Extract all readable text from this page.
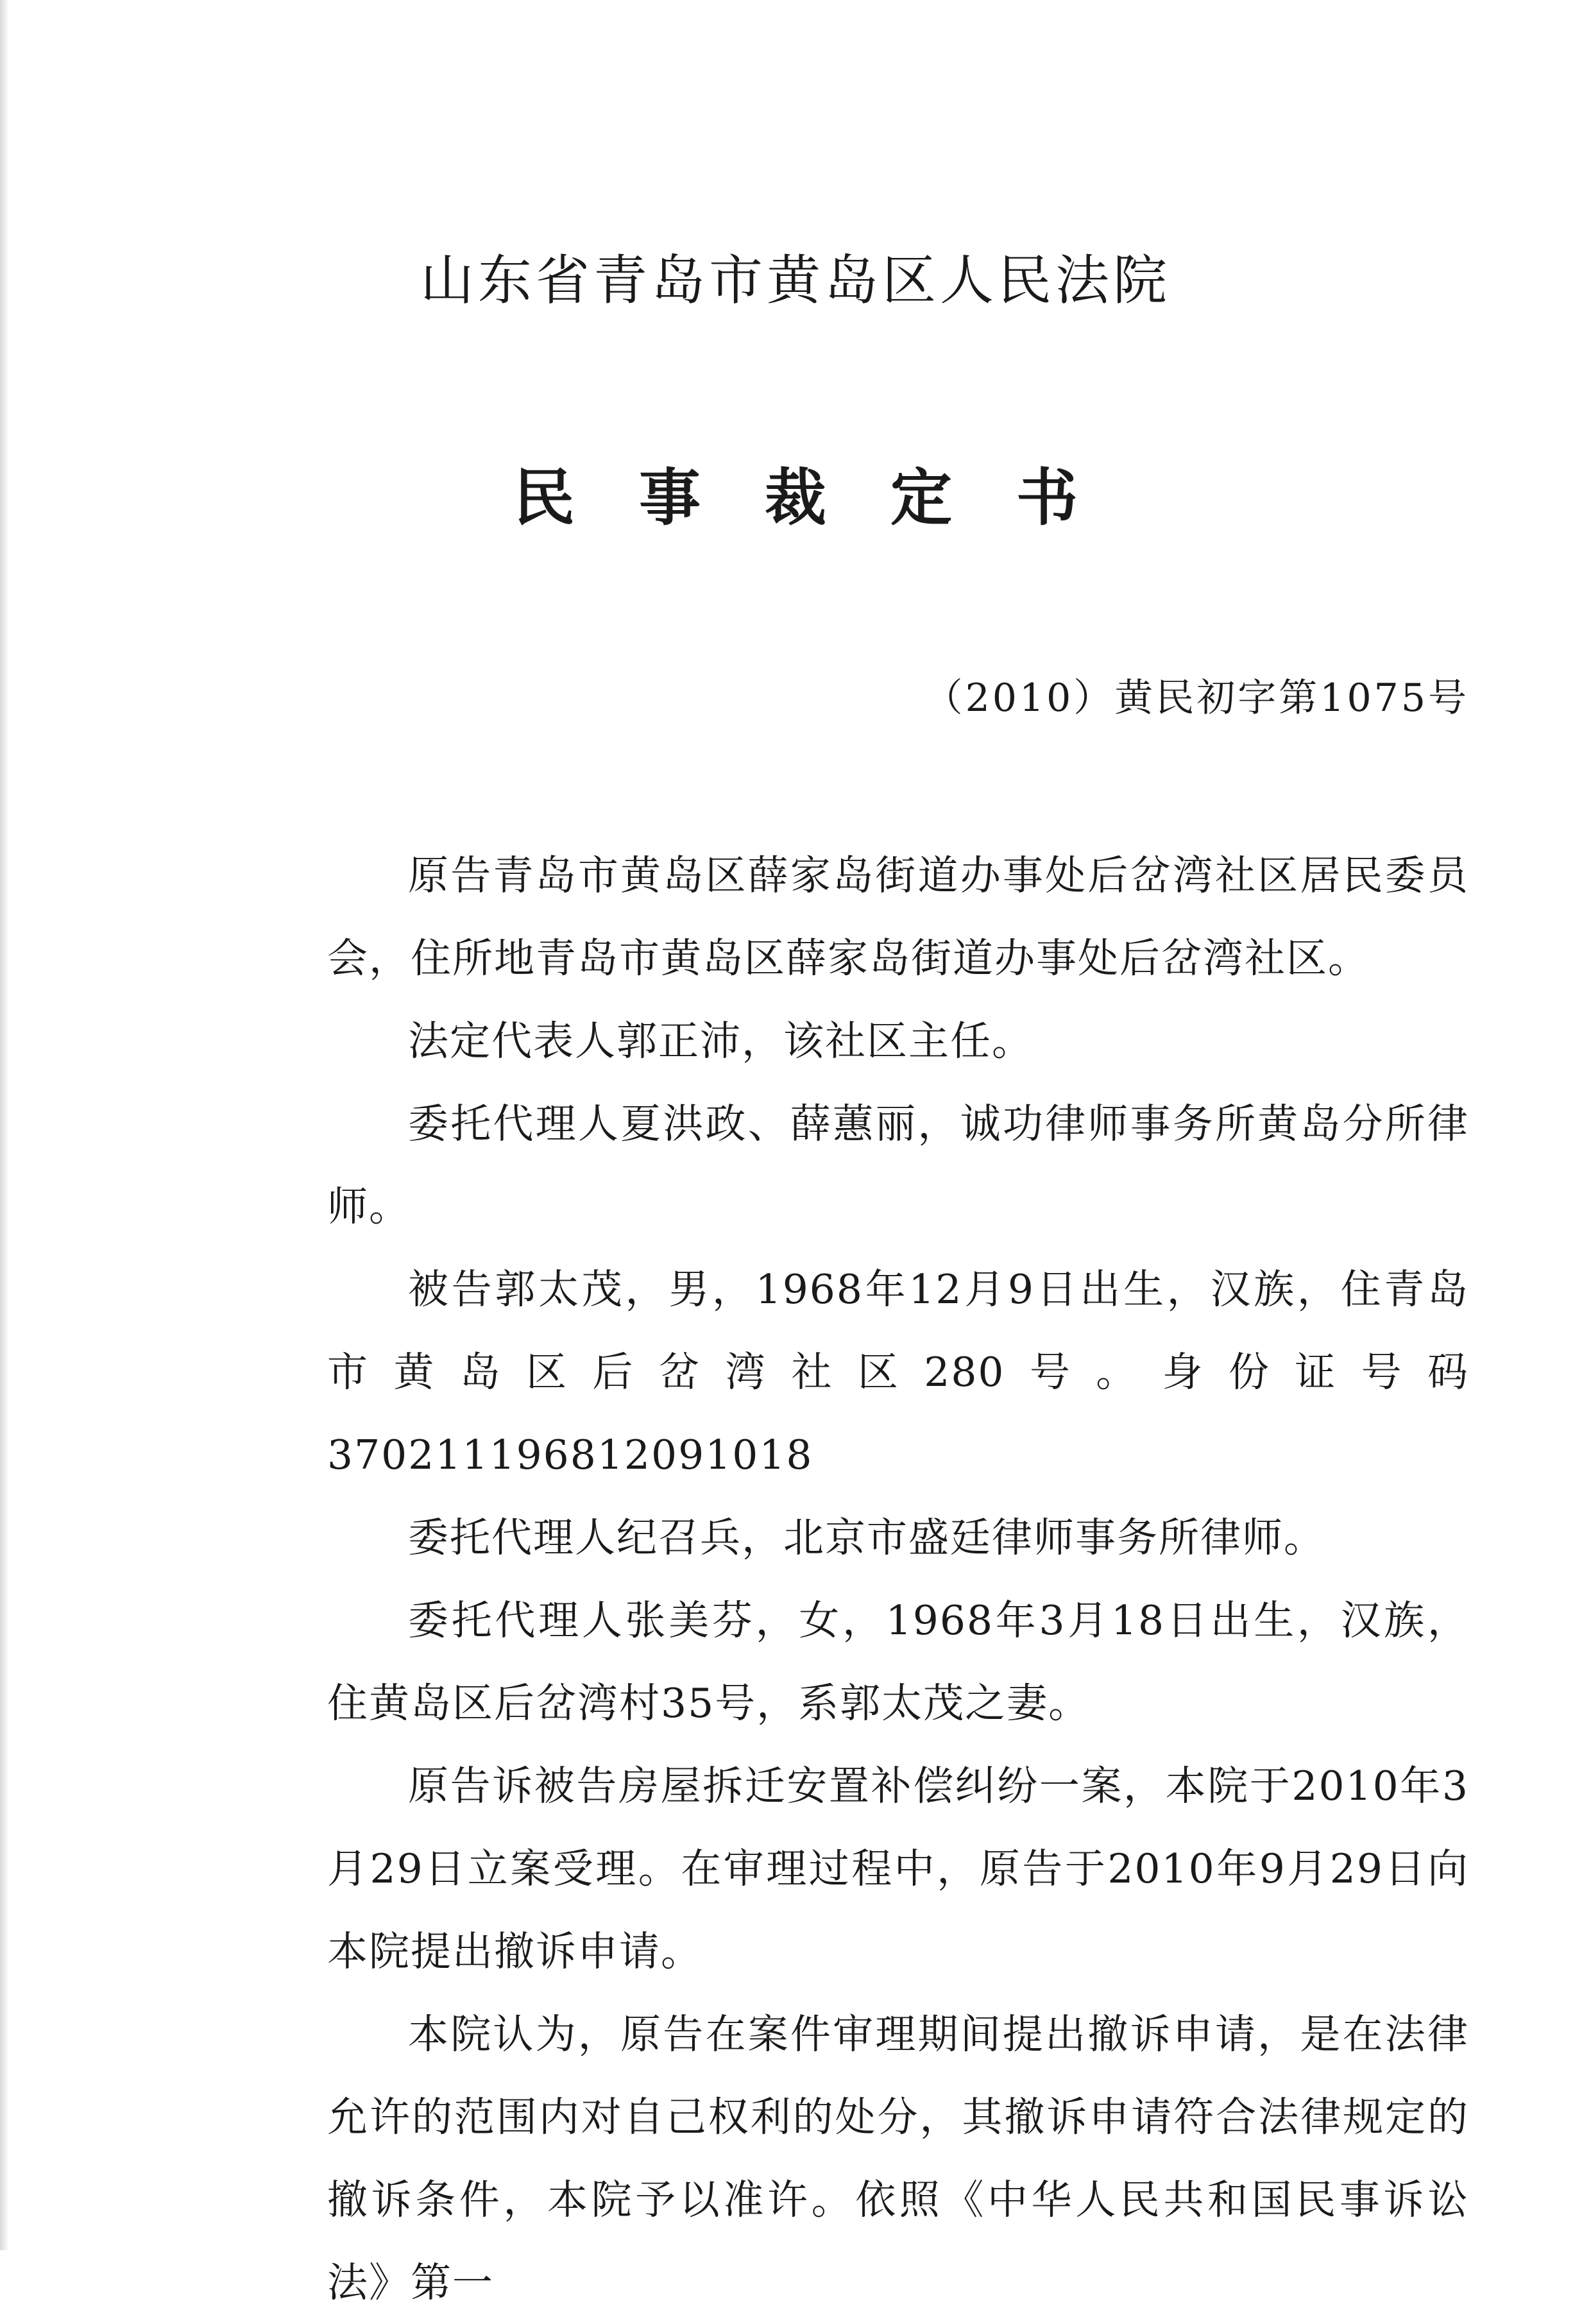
山东省青岛市黄岛区人民法院
民事裁定书
（2010）黄民初字第1075号

原告青岛市黄岛区薛家岛街道办事处后岔湾社区居民委员会，住所地青岛市黄岛区薛家岛街道办事处后岔湾社区。

法定代表人郭正沛，该社区主任。

委托代理人夏洪政、薛蕙丽，诚功律师事务所黄岛分所律师。

被告郭太茂，男，1968年12月9日出生，汉族，住青岛市黄岛区后岔湾社区280号。身份证号码370211196812091018

委托代理人纪召兵，北京市盛廷律师事务所律师。

委托代理人张美芬，女，1968年3月18日出生，汉族，住黄岛区后岔湾村35号，系郭太茂之妻。

原告诉被告房屋拆迁安置补偿纠纷一案，本院于2010年3月29日立案受理。在审理过程中，原告于2010年9月29日向本院提出撤诉申请。

本院认为，原告在案件审理期间提出撤诉申请，是在法律允许的范围内对自己权利的处分，其撤诉申请符合法律规定的撤诉条件，本院予以准许。依照《中华人民共和国民事诉讼法》第一
